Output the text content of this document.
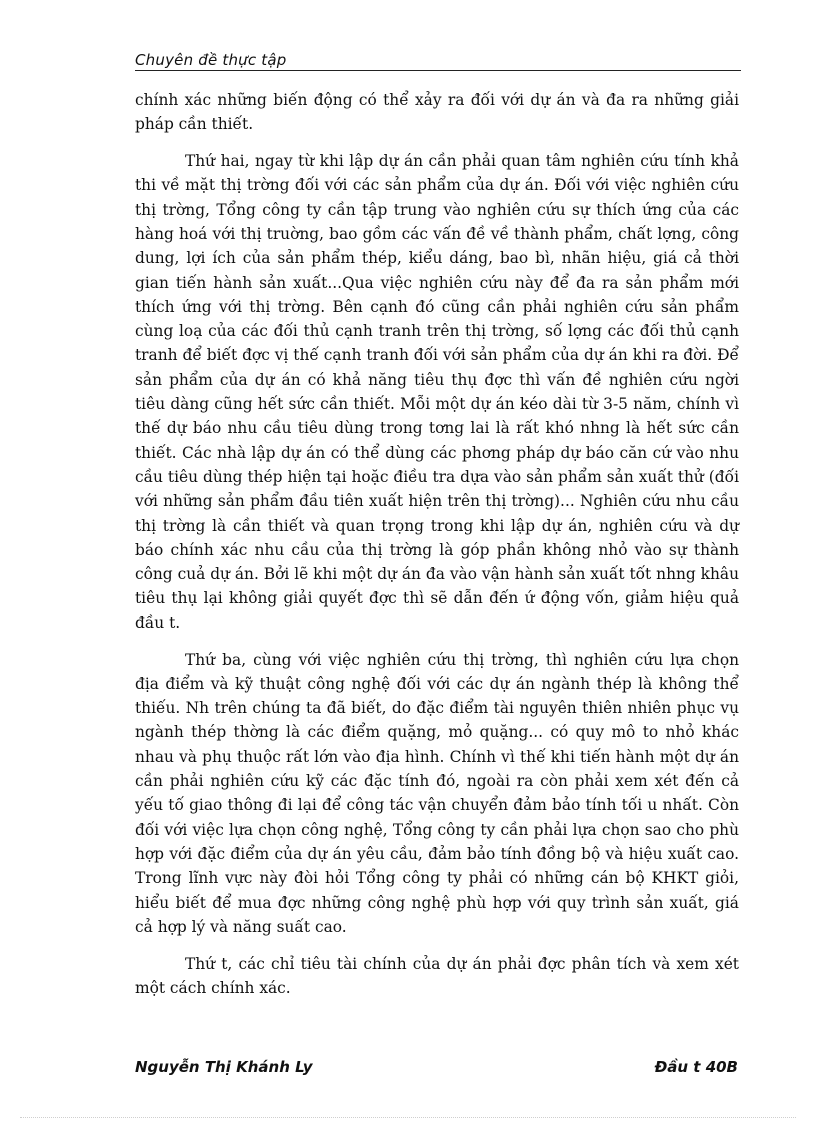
Chuyên đề thực tập

chính xác những biến động có thể xảy ra đối với dự án và đa ra những giải pháp cần thiết.

Thứ hai, ngay từ khi lập dự án cần phải quan tâm nghiên cứu tính khả thi về mặt thị trờng đối với các sản phẩm của dự án. Đối với việc nghiên cứu thị trờng, Tổng công ty cần tập trung vào nghiên cứu sự thích ứng của các hàng hoá với thị truờng, bao gồm các vấn đề về thành phẩm, chất lợng, công dung, lợi ích của sản phẩm thép, kiểu dáng, bao bì, nhãn hiệu, giá cả thời gian tiến hành sản xuất...Qua việc nghiên cứu này để đa ra sản phẩm mới thích ứng với thị trờng. Bên cạnh đó cũng cần phải nghiên cứu sản phẩm cùng loạ của các đối thủ cạnh tranh trên thị trờng, số lợng các đối thủ cạnh tranh để biết đợc vị thế cạnh tranh đối với sản phẩm của dự án khi ra đời. Để sản phẩm của dự án có khả năng tiêu thụ đợc thì vấn đề nghiên cứu ngời tiêu dàng cũng hết sức cần thiết. Mỗi một dự án kéo dài từ 3-5 năm, chính vì thế dự báo nhu cầu tiêu dùng trong tơng lai là rất khó nhng là hết sức cần thiết. Các nhà lập dự án có thể dùng các phơng pháp dự báo căn cứ vào nhu cầu tiêu dùng thép hiện tại hoặc điều tra dựa vào sản phẩm sản xuất thử (đối với những sản phẩm đầu tiên xuất hiện trên thị trờng)... Nghiên cứu nhu cầu thị trờng là cần thiết và quan trọng trong khi lập dự án, nghiên cứu và dự báo chính xác nhu cầu của thị trờng là góp phần không nhỏ vào sự thành công cuả dự án. Bởi lẽ khi một dự án đa vào vận hành sản xuất tốt nhng khâu tiêu thụ lại không giải quyết đợc thì sẽ dẫn đến ứ động vốn, giảm hiệu quả đầu t.

Thứ ba, cùng với việc nghiên cứu thị trờng, thì nghiên cứu lựa chọn địa điểm và kỹ thuật công nghệ đối với các dự án ngành thép là không thể thiếu. Nh trên chúng ta đã biết, do đặc điểm tài nguyên thiên nhiên phục vụ ngành thép thờng là các điểm quặng, mỏ quặng... có quy mô to nhỏ khác nhau và phụ thuộc rất lớn vào địa hình. Chính vì thế khi tiến hành một dự án cần phải nghiên cứu kỹ các đặc tính đó, ngoài ra còn phải xem xét đến cả yếu tố giao thông đi lại để công tác vận chuyển đảm bảo tính tối u nhất. Còn đối với việc lựa chọn công nghệ, Tổng công ty cần phải lựa chọn sao cho phù hợp với đặc điểm của dự án yêu cầu, đảm bảo tính đồng bộ và hiệu xuất cao. Trong lĩnh vực này đòi hỏi Tổng công ty phải có những cán bộ KHKT giỏi, hiểu biết để mua đợc những công nghệ phù hợp với quy trình sản xuất, giá cả hợp lý và năng suất cao.

Thứ t, các chỉ tiêu tài chính của dự án phải đợc phân tích và xem xét một cách chính xác.

Nguyễn Thị Khánh Ly	Đầu t 40B
